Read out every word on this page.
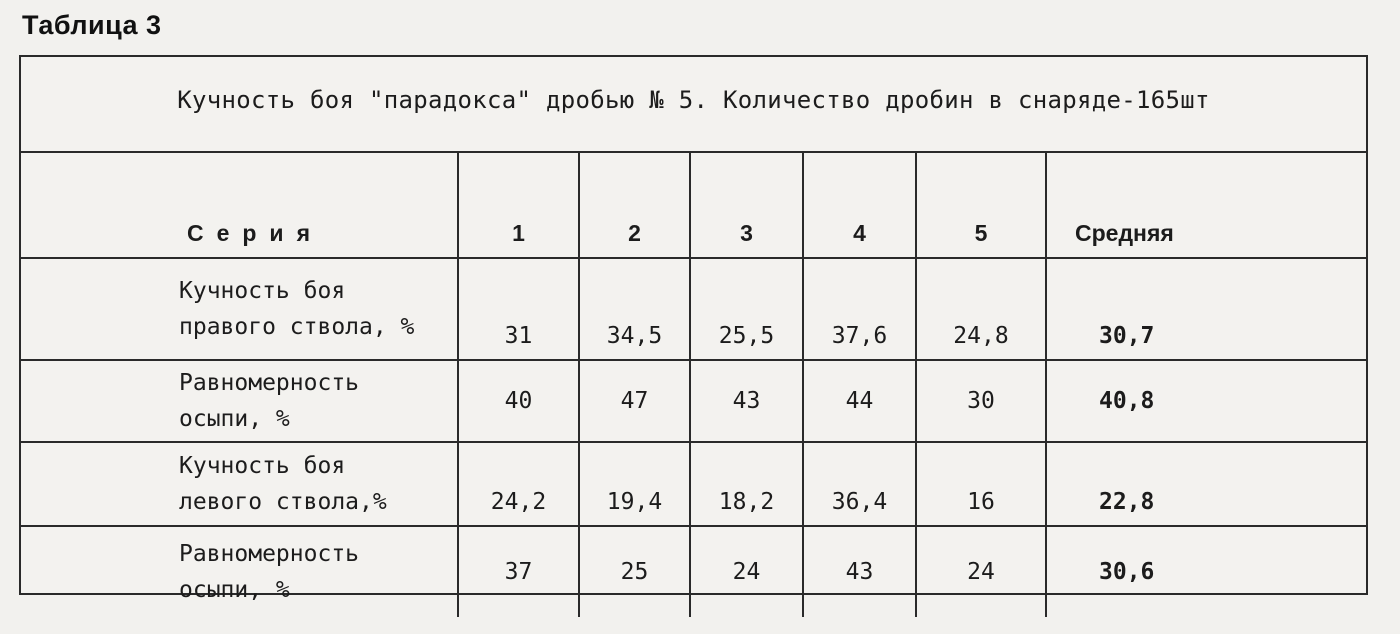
Таблица 3
Кучность боя "парадокса" дробью № 5. Количество дробин в снаряде-165шт
Серия	1	2	3	4	5	Средняя

Кучность боя
правого ствола, %	31	34,5	25,5	37,6	24,8	30,7

Равномерность
осыпи, %	40	47	43	44	30	40,8

Кучность боя
левого ствола,%	24,2	19,4	18,2	36,4	16	22,8

Равномерность
осыпи, %	37	25	24	43	24	30,6
